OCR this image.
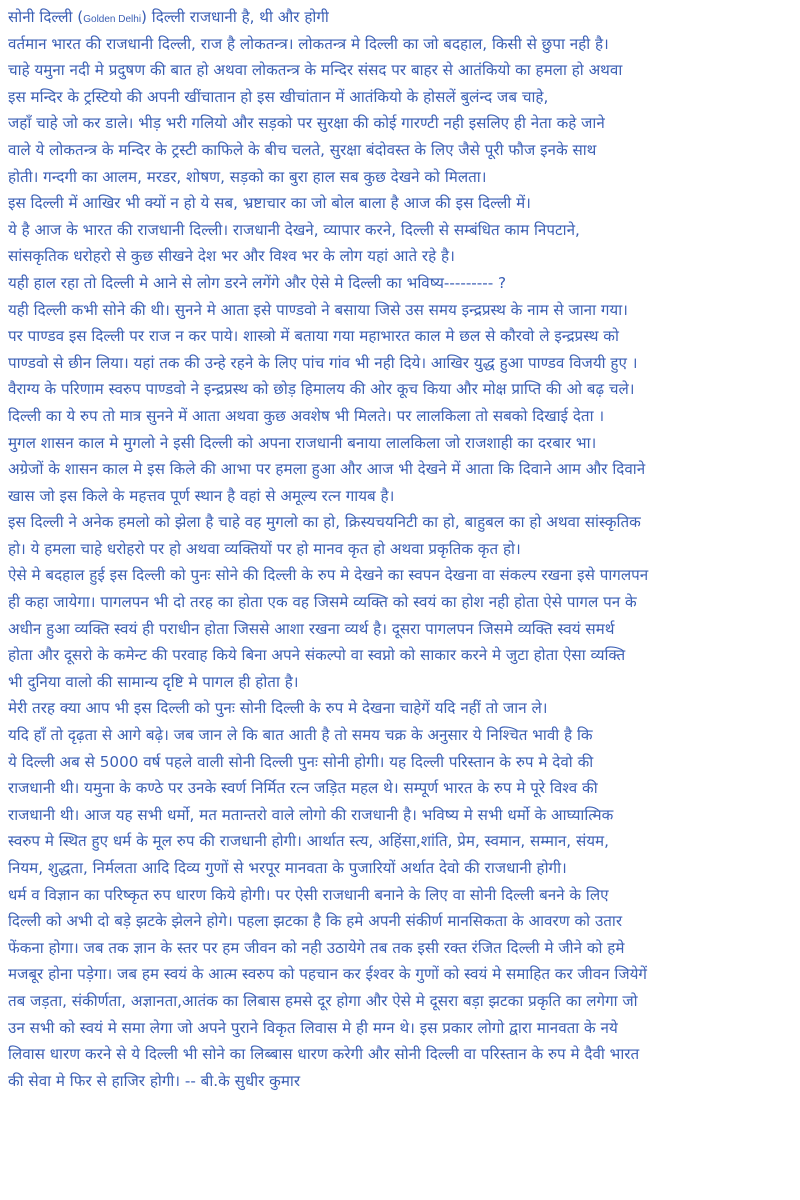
सोनी दिल्ली (Golden Delhi) दिल्ली राजधानी है, थी और होगी
वर्तमान भारत की राजधानी दिल्ली, राज है लोकतन्त्र। लोकतन्त्र मे दिल्ली का जो बदहाल, किसी से छुपा नही है।
चाहे यमुना नदी मे प्रदुषण की बात हो अथवा लोकतन्त्र के मन्दिर संसद पर बाहर से आतंकियो का हमला हो अथवा
इस मन्दिर के ट्रस्टियो की अपनी खींचातान हो इस खीचांतान में आतंकियो के होसलें बुलंन्द जब चाहे,
जहाँ चाहे जो कर डाले। भीड़ भरी गलियो और सड़को पर सुरक्षा की कोई गारण्टी नही इसलिए ही नेता कहे जाने
वाले ये लोकतन्त्र के मन्दिर के ट्रस्टी काफिले के बीच चलते, सुरक्षा बंदोवस्त के लिए जैसे पूरी फौज इनके साथ
होती। गन्दगी का आलम, मरडर, शोषण, सड़को का बुरा हाल सब कुछ देखने को मिलता।
इस दिल्ली में आखिर भी क्यों न हो ये सब, भ्रष्टाचार का जो बोल बाला है आज की इस दिल्ली में।
ये है आज के भारत की राजधानी दिल्ली। राजधानी देखने, व्यापार करने, दिल्ली से सम्बंधित काम निपटाने,
सांसकृतिक धरोहरो से कुछ सीखने देश भर और विश्व भर के लोग यहां आते रहे है।
यही हाल रहा तो दिल्ली मे आने से लोग डरने लगेंगे और ऐसे मे दिल्ली का भविष्य--------- ?
यही दिल्ली कभी सोने की थी। सुनने मे आता इसे पाण्डवो ने बसाया जिसे उस समय इन्द्रप्रस्थ के नाम से जाना गया।
पर पाण्डव इस दिल्ली पर राज न कर पाये। शास्त्रो में बताया गया महाभारत काल मे छल से कौरवो ले इन्द्रप्रस्थ को
पाण्डवो से छीन लिया। यहां तक की उन्हे रहने के लिए पांच गांव भी नही दिये। आखिर युद्ध हुआ पाण्डव विजयी हुए ।
वैराग्य के परिणाम स्वरुप पाण्डवो ने इन्द्रप्रस्थ को छोड़ हिमालय की ओर कूच किया और मोक्ष प्राप्ति की ओ बढ़ चले।
दिल्ली का ये रुप तो मात्र सुनने में आता अथवा कुछ अवशेष भी मिलते। पर लालकिला तो सबको दिखाई देता ।
मुगल शासन काल मे मुगलो ने इसी दिल्ली को अपना राजधानी बनाया लालकिला जो राजशाही का दरबार भा।
अग्रेजों के शासन काल मे इस किले की आभा पर हमला हुआ और आज भी देखने में आता कि दिवाने आम और दिवाने
खास जो इस किले के महत्तव पूर्ण स्थान है वहां से अमूल्य रत्न गायब है।
इस दिल्ली ने अनेक हमलो को झेला है चाहे वह मुगलो का हो, क्रिस्यचयनिटी का हो, बाहुबल का हो अथवा सांस्कृतिक
हो। ये हमला चाहे धरोहरो पर हो अथवा व्यक्तियों पर हो मानव कृत हो अथवा प्रकृतिक कृत हो।
ऐसे मे बदहाल हुई इस दिल्ली को पुनः सोने की दिल्ली के रुप मे देखने का स्वपन देखना वा संकल्प रखना इसे पागलपन
ही कहा जायेगा। पागलपन भी दो तरह का होता एक वह जिसमे व्यक्ति को स्वयं का होश नही होता ऐसे पागल पन के
अधीन हुआ व्यक्ति स्वयं ही पराधीन होता जिससे आशा रखना व्यर्थ है। दूसरा पागलपन जिसमे व्यक्ति स्वयं समर्थ
होता और दूसरो के कमेन्ट की परवाह किये बिना अपने संकल्पो वा स्वप्नो को साकार करने मे जुटा होता ऐसा व्यक्ति
भी दुनिया वालो की सामान्य दृष्टि मे पागल ही होता है।
मेरी तरह क्या आप भी इस दिल्ली को पुनः सोनी दिल्ली के रुप मे देखना चाहेगें यदि नहीं तो जान ले।
यदि हाँ तो दृढ़ता से आगे बढ़े। जब जान ले कि बात आती है तो समय चक्र के अनुसार ये निश्चित भावी है कि
ये दिल्ली अब से 5000 वर्ष पहले वाली सोनी दिल्ली पुनः सोनी होगी। यह दिल्ली परिस्तान के रुप मे देवो की
राजधानी थी। यमुना के कण्ठे पर उनके स्वर्ण निर्मित रत्न जड़ित महल थे। सम्पूर्ण भारत के रुप मे पूरे विश्व की
राजधानी थी। आज यह सभी धर्मो, मत मतान्तरो वाले लोगो की राजधानी है। भविष्य मे सभी धर्मो के आघ्यात्मिक
स्वरुप मे स्थित हुए धर्म के मूल रुप की राजधानी होगी। आर्थात स्त्य, अहिंसा,शांति, प्रेम, स्वमान, सम्मान, संयम,
नियम, शुद्धता, निर्मलता आदि दिव्य गुणों से भरपूर मानवता के पुजारियों अर्थात देवो की राजधानी होगी।
धर्म व विज्ञान का परिष्कृत रुप धारण किये होगी। पर ऐसी राजधानी बनाने के लिए वा सोनी दिल्ली बनने के लिए
दिल्ली को अभी दो बड़े झटके झेलने होगे। पहला झटका है कि हमे अपनी संकीर्ण मानसिकता के आवरण को उतार
फेंकना होगा। जब तक ज्ञान के स्तर पर हम जीवन को नही उठायेगे तब तक इसी रक्त रंजित दिल्ली मे जीने को हमे
मजबूर होना पड़ेगा। जब हम स्वयं के आत्म स्वरुप को पहचान कर ईश्वर के गुणों को स्वयं मे समाहित कर जीवन जियेगें
तब जड़ता, संकीर्णता, अज्ञानता,आतंक का लिबास हमसे दूर होगा और ऐसे मे दूसरा बड़ा झटका प्रकृति का लगेगा जो
उन सभी को स्वयं मे समा लेगा जो अपने पुराने विकृत लिवास मे ही मग्न थे। इस प्रकार लोगो द्वारा मानवता के नये
लिवास धारण करने से ये दिल्ली भी सोने का लिब्बास धारण करेगी और सोनी दिल्ली वा परिस्तान के रुप मे दैवी भारत
की सेवा मे फिर से हाजिर होगी। -- बी.के सुधीर कुमार
